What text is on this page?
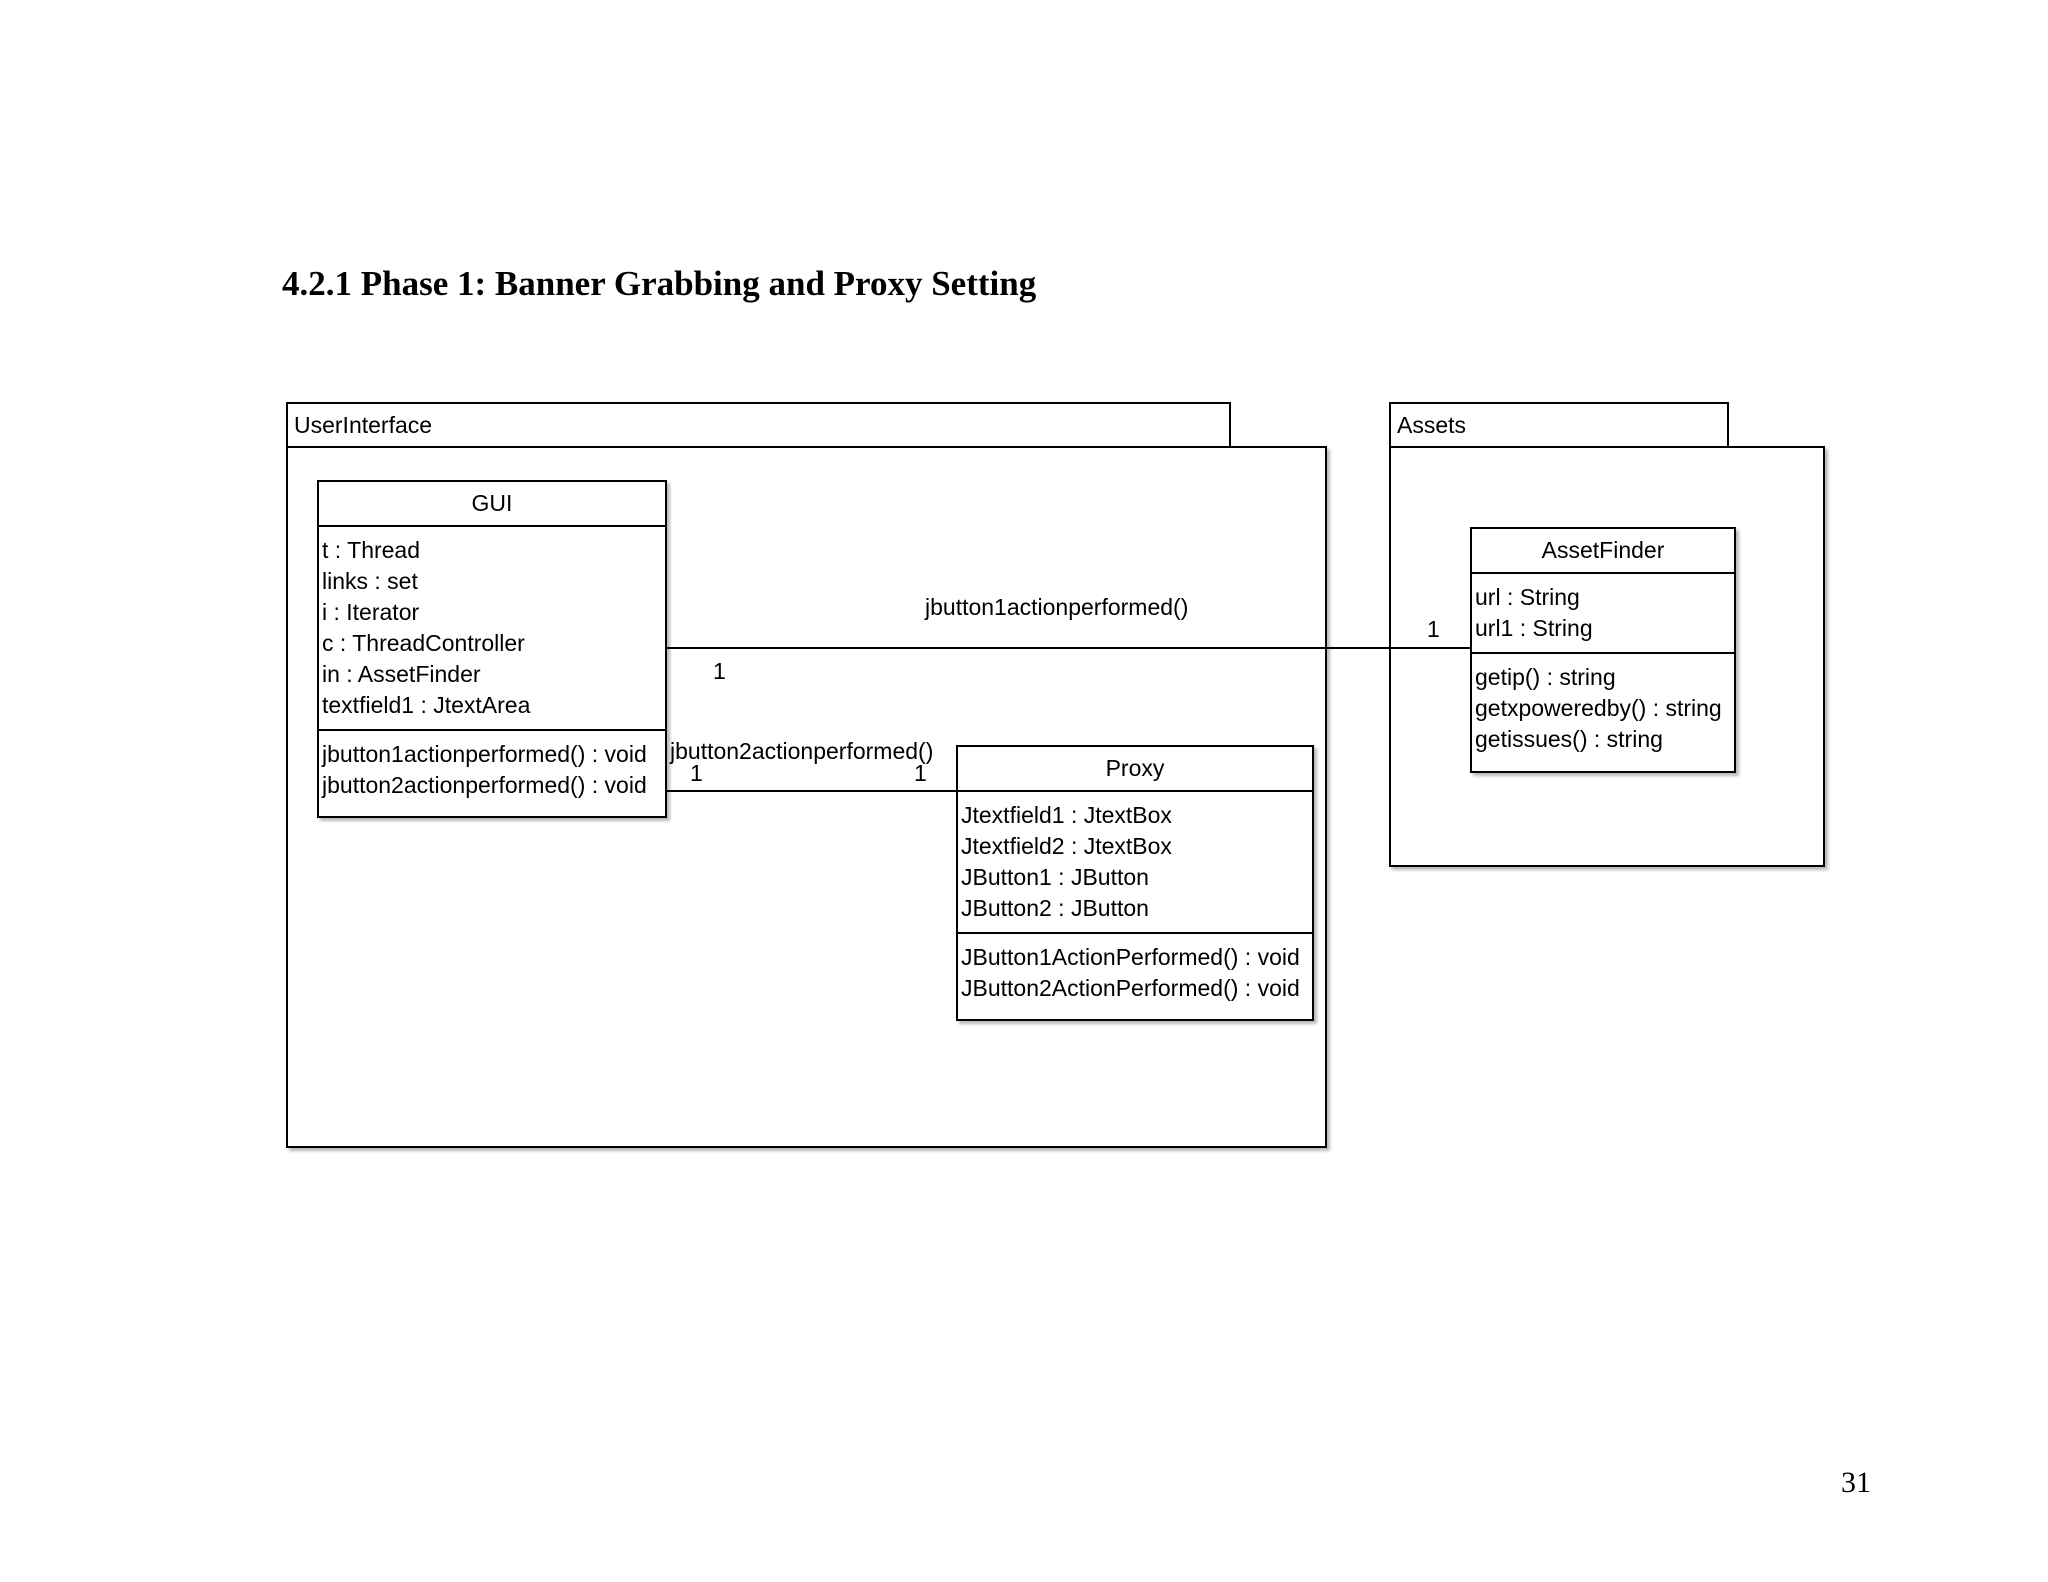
4.2.1 Phase 1: Banner Grabbing and Proxy Setting
UserInterface	Assets
GUI
t : Thread
links : set
i : Iterator
c : ThreadController
in : AssetFinder
textfield1 : JtextArea
jbutton1actionperformed() : void
jbutton2actionperformed() : void
Proxy
Jtextfield1 : JtextBox
Jtextfield2 : JtextBox
JButton1 : JButton
JButton2 : JButton
JButton1ActionPerformed() : void
JButton2ActionPerformed() : void
AssetFinder
url : String
url1 : String
getip() : string
getxpoweredby() : string
getissues() : string
jbutton1actionperformed()
1
1
jbutton2actionperformed()
1	1
31
